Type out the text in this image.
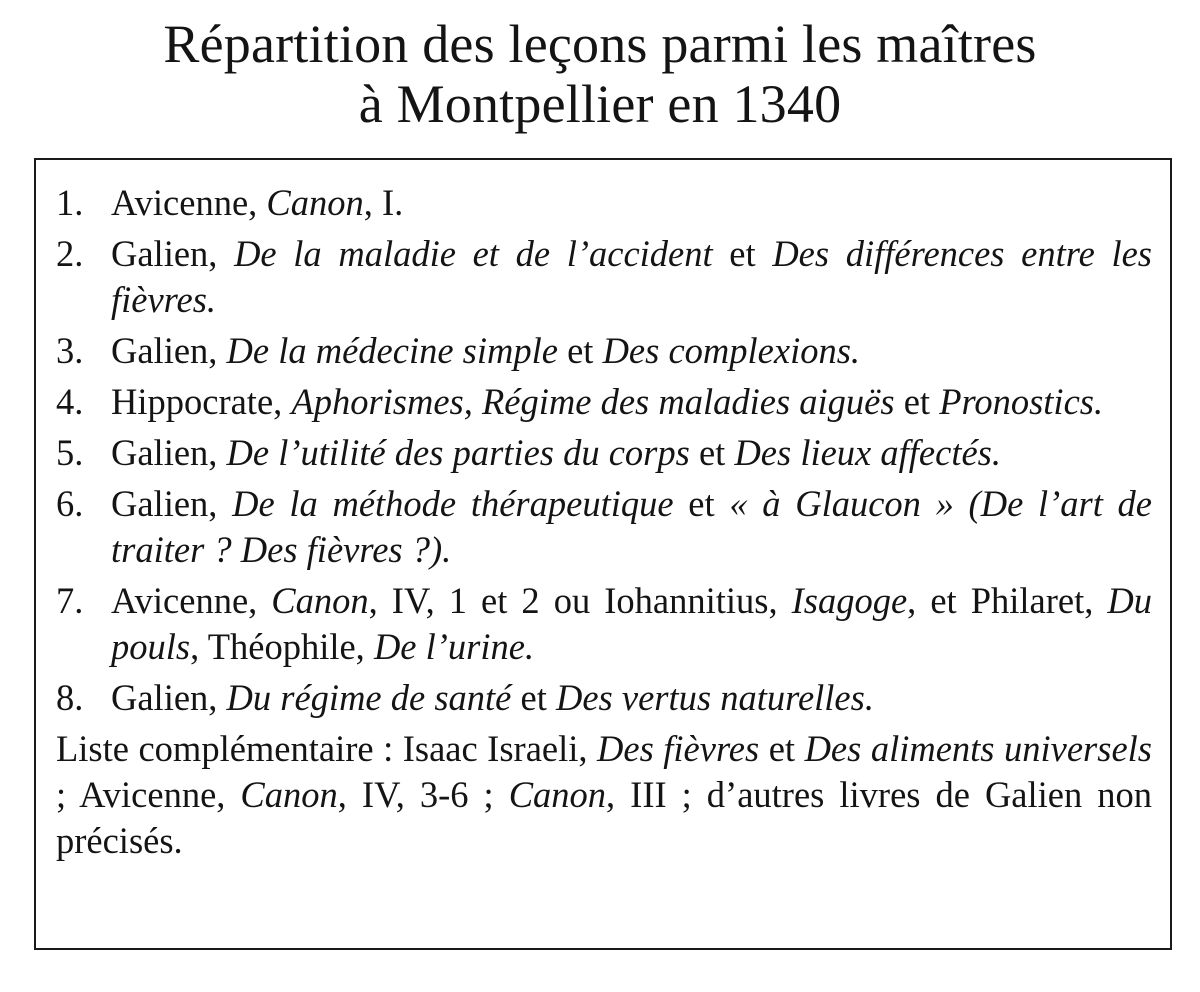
Répartition des leçons parmi les maîtres
à Montpellier en 1340
1. Avicenne, Canon, I.
2. Galien, De la maladie et de l’accident et Des différences entre les fièvres.
3. Galien, De la médecine simple et Des complexions.
4. Hippocrate, Aphorismes, Régime des maladies aiguës et Pronostics.
5. Galien, De l’utilité des parties du corps et Des lieux affectés.
6. Galien, De la méthode thérapeutique et « à Glaucon » (De l’art de traiter ? Des fièvres ?).
7. Avicenne, Canon, IV, 1 et 2 ou Iohannitius, Isagoge, et Philaret, Du pouls, Théophile, De l’urine.
8. Galien, Du régime de santé et Des vertus naturelles.
Liste complémentaire : Isaac Israeli, Des fièvres et Des aliments universels ; Avicenne, Canon, IV, 3-6 ; Canon, III ; d’autres livres de Galien non précisés.
